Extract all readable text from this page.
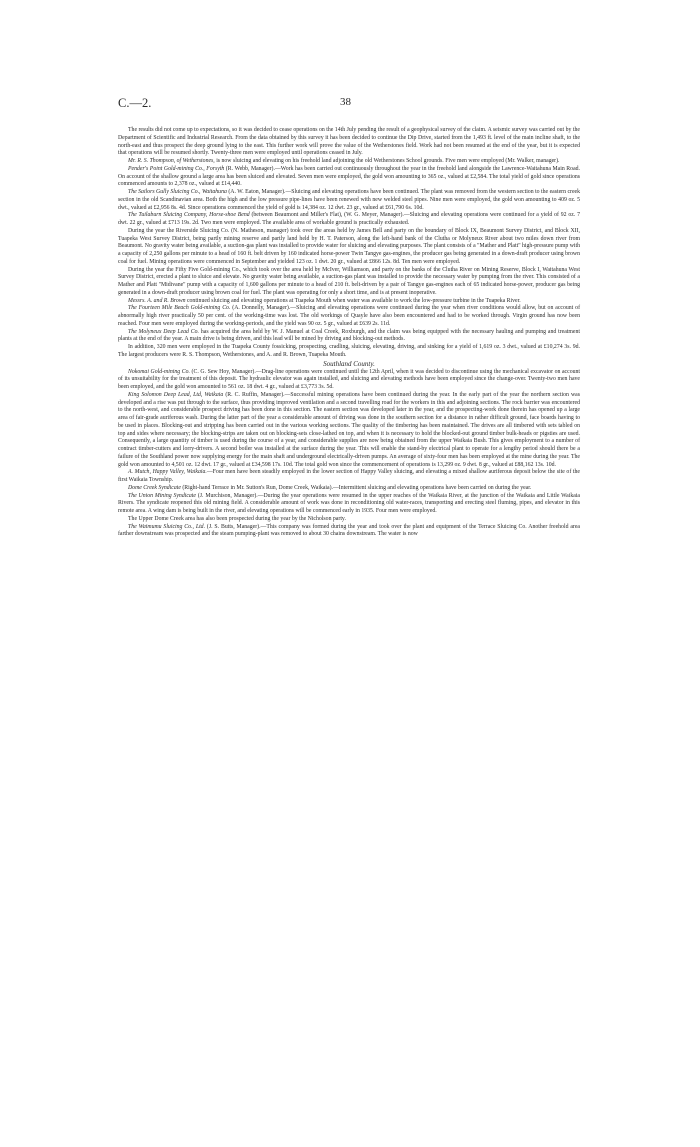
C.—2.	38

The results did not come up to expectations, so it was decided to cease operations on the 14th July pending the result of a geophysical survey of the claim. A seismic survey was carried out by the Department of Scientific and Industrial Research. From the data obtained by this survey it has been decided to continue the Dip Drive, started from the 1,493 ft. level of the main incline shaft, to the north-east and thus prospect the deep ground lying to the east. This further work will prove the value of the Wetherstones field. Work had not been resumed at the end of the year, but it is expected that operations will be resumed shortly. Twenty-three men were employed until operations ceased in July.

Mr. R. S. Thompson, of Wetherstones, is now sluicing and elevating on his freehold land adjoining the old Wetherstones School grounds. Five men were employed (Mr. Walker, manager).

Pender's Point Gold-mining Co., Forsyth (R. Webb, Manager).—Work has been carried out continuously throughout the year in the freehold land alongside the Lawrence-Waitahuna Main Road. On account of the shallow ground a large area has been sluiced and elevated. Seven men were employed, the gold won amounting to 365 oz., valued at £2,584. The total yield of gold since operations commenced amounts to 2,378 oz., valued at £14,440.

The Sailors Gully Sluicing Co., Waitahuna (A. W. Eaton, Manager).—Sluicing and elevating operations have been continued. The plant was removed from the western section to the eastern creek section in the old Scandinavian area. Both the high and the low pressure pipe-lines have been renewed with new welded steel pipes. Nine men were employed, the gold won amounting to 409 oz. 5 dwt., valued at £2,956 8s. 4d. Since operations commenced the yield of gold is 14,384 oz. 12 dwt. 23 gr., valued at £61,790 6s. 10d.

The Tuilaburn Sluicing Company, Horse-shoe Bend (between Beaumont and Miller's Flat), (W. G. Meyer, Manager).—Sluicing and elevating operations were continued for a yield of 92 oz. 7 dwt. 22 gr., valued at £713 19s. 2d. Two men were employed. The available area of workable ground is practically exhausted.

During the year the Riverside Sluicing Co. (N. Matheson, manager) took over the areas held by James Bell and party on the boundary of Block IX, Beaumont Survey District, and Block XII, Tuapeka West Survey District, being partly mining reserve and partly land held by H. T. Paterson, along the left-hand bank of the Clutha or Molyneux River about two miles down river from Beaumont. No gravity water being available, a suction-gas plant was installed to provide water for sluicing and elevating purposes. The plant consists of a "Mather and Platt" high-pressure pump with a capacity of 2,250 gallons per minute to a head of 160 ft. belt driven by 160 indicated horse-power Twin Tangye gas-engines, the producer gas being generated in a down-draft producer using brown coal for fuel. Mining operations were commenced in September and yielded 123 oz. 1 dwt. 20 gr., valued at £866 12s. 8d. Ten men were employed.

During the year the Fifty Five Gold-mining Co., which took over the area held by McIver, Williamson, and party on the banks of the Clutha River on Mining Reserve, Block I, Waitahuna West Survey District, erected a plant to sluice and elevate. No gravity water being available, a suction-gas plant was installed to provide the necessary water by pumping from the river. This consisted of a Mather and Platt "Midivane" pump with a capacity of 1,600 gallons per minute to a head of 210 ft. belt-driven by a pair of Tangye gas-engines each of 65 indicated horse-power, producer gas being generated in a down-draft producer using brown coal for fuel. The plant was operating for only a short time, and is at present inoperative.

Messrs. A. and R. Brown continued sluicing and elevating operations at Tuapeka Mouth when water was available to work the low-pressure turbine in the Tuapeka River.

The Fourteen Mile Beach Gold-mining Co. (A. Donnelly, Manager).—Sluicing and elevating operations were continued during the year when river conditions would allow, but on account of abnormally high river practically 50 per cent. of the working-time was lost. The old workings of Quayle have also been encountered and had to be worked through. Virgin ground has now been reached. Four men were employed during the working-periods, and the yield was 90 oz. 5 gr., valued at £639 2s. 11d.

The Molyneux Deep Lead Co. has acquired the area held by W. J. Manuel at Coal Creek, Roxburgh, and the claim was being equipped with the necessary hauling and pumping and treatment plants at the end of the year. A main drive is being driven, and this lead will be mined by driving and blocking-out methods.

In addition, 320 men were employed in the Tuapeka County fossicking, prospecting, cradling, sluicing, elevating, driving, and sinking for a yield of 1,619 oz. 3 dwt., valued at £10,274 3s. 9d. The largest producers were R. S. Thompson, Wetherstones, and A. and R. Brown, Tuapeka Mouth.

Southland County.

Nokomai Gold-mining Co. (C. G. Sew Hoy, Manager).—Drag-line operations were continued until the 12th April, when it was decided to discontinue using the mechanical excavator on account of its unsuitability for the treatment of this deposit. The hydraulic elevator was again installed, and sluicing and elevating methods have been employed since the change-over. Twenty-two men have been employed, and the gold won amounted to 561 oz. 18 dwt. 4 gr., valued at £3,773 3s. 5d.

King Solomon Deep Lead, Ltd, Waikaia (R. C. Ruffin, Manager).—Successful mining operations have been continued during the year. In the early part of the year the northern section was developed and a rise was put through to the surface, thus providing improved ventilation and a second travelling road for the workers in this and adjoining sections. The rock barrier was encountered to the north-west, and considerable prospect driving has been done in this section. The eastern section was developed later in the year, and the prospecting-work done therein has opened up a large area of fair-grade auriferous wash. During the latter part of the year a considerable amount of driving was done in the southern section for a distance in rather difficult ground, face boards having to be used in places. Blocking-out and stripping has been carried out in the various working sections. The quality of the timbering has been maintained. The drives are all timbered with sets tabled on top and sides where necessary; the blocking-strips are taken out on blocking-sets close-lathed on top, and when it is necessary to hold the blocked-out ground timber bulk-heads or pigsties are used. Consequently, a large quantity of timber is used during the course of a year, and considerable supplies are now being obtained from the upper Waikaia Bush. This gives employment to a number of contract timber-cutters and lorry-drivers. A second boiler was installed at the surface during the year. This will enable the stand-by electrical plant to operate for a lengthy period should there be a failure of the Southland power now supplying energy for the main shaft and underground electrically-driven pumps. An average of sixty-four men has been employed at the mine during the year. The gold won amounted to 4,501 oz. 12 dwt. 17 gr., valued at £34,598 17s. 10d. The total gold won since the commencement of operations is 13,299 oz. 9 dwt. 8 gr., valued at £88,162 13s. 10d.

A. Mutch, Happy Valley, Waikaia.—Four men have been steadily employed in the lower section of Happy Valley sluicing, and elevating a mixed shallow auriferous deposit below the site of the first Waikaia Township.

Dome Creek Syndicate (Right-hand Terrace in Mr. Sutton's Run, Dome Creek, Waikaia).—Intermittent sluicing and elevating operations have been carried on during the year.

The Union Mining Syndicate (J. Murchison, Manager).—During the year operations were resumed in the upper reaches of the Waikaia River, at the junction of the Waikaia and Little Waikaia Rivers. The syndicate reopened this old mining field. A considerable amount of work was done in reconditioning old water-races, transporting and erecting steel fluming, pipes, and elevator in this remote area. A wing dam is being built in the river, and elevating operations will be commenced early in 1935. Four men were employed.

The Upper Dome Creek area has also been prospected during the year by the Nicholson party.

The Waimumu Sluicing Co., Ltd. (J. S. Butts, Manager).—This company was formed during the year and took over the plant and equipment of the Terrace Sluicing Co. Another freehold area farther downstream was prospected and the steam pumping-plant was removed to about 30 chains downstream. The water is now
